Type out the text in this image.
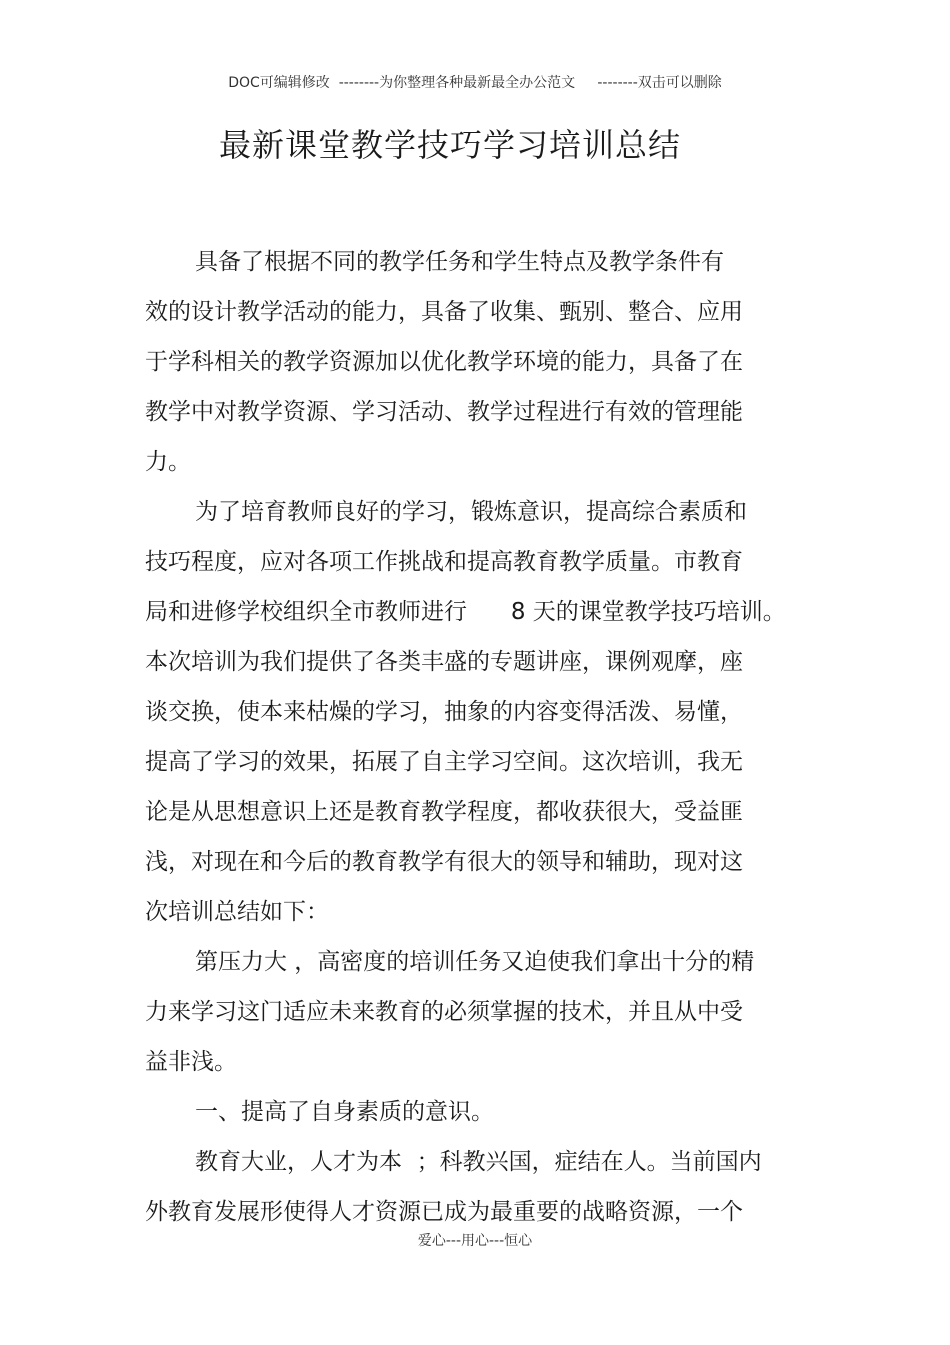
DOC可编辑修改  --------为你整理各种最新最全办公范文     --------双击可以删除
最新课堂教学技巧学习培训总结
具备了根据不同的教学任务和学生特点及教学条件有
效的设计教学活动的能力，具备了收集、甄别、整合、应用
于学科相关的教学资源加以优化教学环境的能力，具备了在
教学中对教学资源、学习活动、教学过程进行有效的管理能
力。
为了培育教师良好的学习，锻炼意识，提高综合素质和
技巧程度，应对各项工作挑战和提高教育教学质量。市教育
局和进修学校组织全市教师进行      8 天的课堂教学技巧培训。
本次培训为我们提供了各类丰盛的专题讲座，课例观摩，座
谈交换，使本来枯燥的学习，抽象的内容变得活泼、易懂，
提高了学习的效果，拓展了自主学习空间。这次培训，我无
论是从思想意识上还是教育教学程度，都收获很大，受益匪
浅，对现在和今后的教育教学有很大的领导和辅助，现对这
次培训总结如下：
第压力大 ，高密度的培训任务又迫使我们拿出十分的精
力来学习这门适应未来教育的必须掌握的技术，并且从中受
益非浅。
一、提高了自身素质的意识。
教育大业，人才为本  ；科教兴国，症结在人。当前国内
外教育发展形使得人才资源已成为最重要的战略资源，一个
爱心---用心---恒心
